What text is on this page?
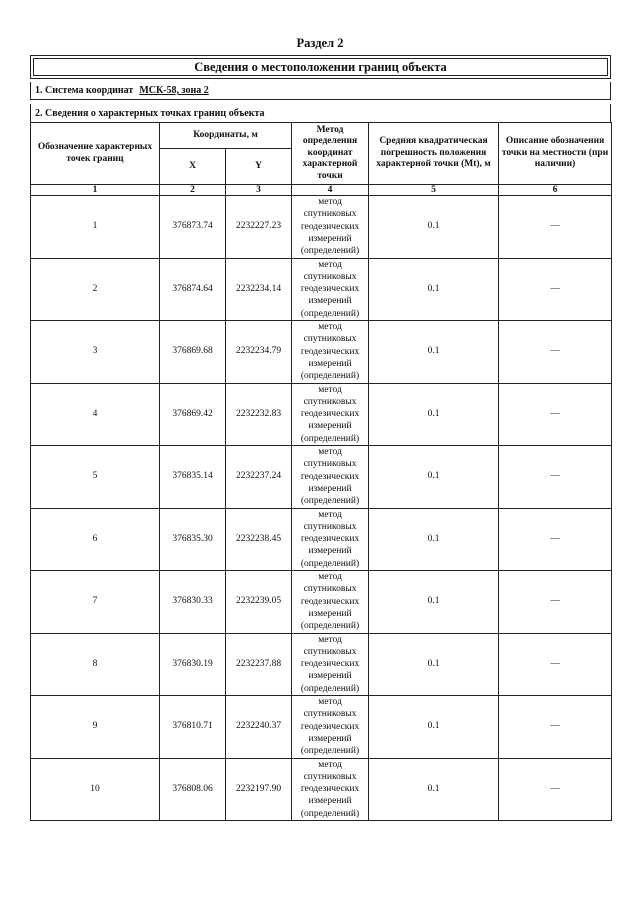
Раздел 2
Сведения о местоположении границ объекта
1. Система координат МСК-58, зона 2
2. Сведения о характерных точках границ объекта
Обозначение характерных точек границ	Координаты, м		Метод определения координат характерной точки	Средняя квадратическая погрешность положения характерной точки (Mt), м	Описание обозначения точки на местности (при наличии)
	X	Y			
1	2	3	4	5	6
1	376873.74	2232227.23	метод
спутниковых
геодезических
измерений
(определений)	0.1	—
2	376874.64	2232234.14	метод
спутниковых
геодезических
измерений
(определений)	0.1	—
3	376869.68	2232234.79	метод
спутниковых
геодезических
измерений
(определений)	0.1	—
4	376869.42	2232232.83	метод
спутниковых
геодезических
измерений
(определений)	0.1	—
5	376835.14	2232237.24	метод
спутниковых
геодезических
измерений
(определений)	0.1	—
6	376835.30	2232238.45	метод
спутниковых
геодезических
измерений
(определений)	0.1	—
7	376830.33	2232239.05	метод
спутниковых
геодезических
измерений
(определений)	0.1	—
8	376830.19	2232237.88	метод
спутниковых
геодезических
измерений
(определений)	0.1	—
9	376810.71	2232240.37	метод
спутниковых
геодезических
измерений
(определений)	0.1	—
10	376808.06	2232197.90	метод
спутниковых
геодезических
измерений
(определений)	0.1	—
